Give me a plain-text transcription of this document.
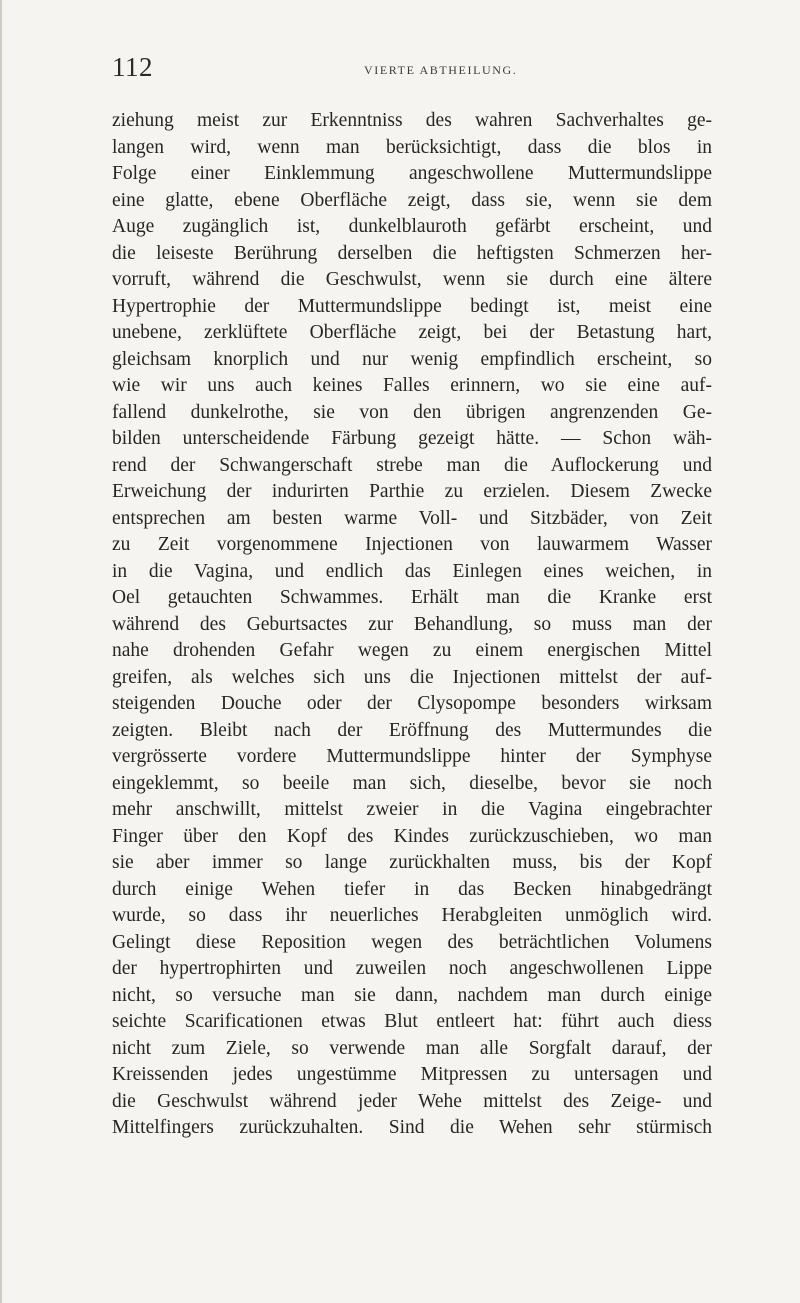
112	VIERTE ABTHEILUNG.
ziehung meist zur Erkenntniss des wahren Sachverhaltes ge-
langen wird, wenn man berücksichtigt, dass die blos in
Folge einer Einklemmung angeschwollene Muttermundslippe
eine glatte, ebene Oberfläche zeigt, dass sie, wenn sie dem
Auge zugänglich ist, dunkelblauroth gefärbt erscheint, und
die leiseste Berührung derselben die heftigsten Schmerzen her-
vorruft, während die Geschwulst, wenn sie durch eine ältere
Hypertrophie der Muttermundslippe bedingt ist, meist eine
unebene, zerklüftete Oberfläche zeigt, bei der Betastung hart,
gleichsam knorplich und nur wenig empfindlich erscheint, so
wie wir uns auch keines Falles erinnern, wo sie eine auf-
fallend dunkelrothe, sie von den übrigen angrenzenden Ge-
bilden unterscheidende Färbung gezeigt hätte. — Schon wäh-
rend der Schwangerschaft strebe man die Auflockerung und
Erweichung der indurirten Parthie zu erzielen. Diesem Zwecke
entsprechen am besten warme Voll- und Sitzbäder, von Zeit
zu Zeit vorgenommene Injectionen von lauwarmem Wasser
in die Vagina, und endlich das Einlegen eines weichen, in
Oel getauchten Schwammes. Erhält man die Kranke erst
während des Geburtsactes zur Behandlung, so muss man der
nahe drohenden Gefahr wegen zu einem energischen Mittel
greifen, als welches sich uns die Injectionen mittelst der auf-
steigenden Douche oder der Clysopompe besonders wirksam
zeigten. Bleibt nach der Eröffnung des Muttermundes die
vergrösserte vordere Muttermundslippe hinter der Symphyse
eingeklemmt, so beeile man sich, dieselbe, bevor sie noch
mehr anschwillt, mittelst zweier in die Vagina eingebrachter
Finger über den Kopf des Kindes zurückzuschieben, wo man
sie aber immer so lange zurückhalten muss, bis der Kopf
durch einige Wehen tiefer in das Becken hinabgedrängt
wurde, so dass ihr neuerliches Herabgleiten unmöglich wird.
Gelingt diese Reposition wegen des beträchtlichen Volumens
der hypertrophirten und zuweilen noch angeschwollenen Lippe
nicht, so versuche man sie dann, nachdem man durch einige
seichte Scarificationen etwas Blut entleert hat: führt auch diess
nicht zum Ziele, so verwende man alle Sorgfalt darauf, der
Kreissenden jedes ungestümme Mitpressen zu untersagen und
die Geschwulst während jeder Wehe mittelst des Zeige- und
Mittelfingers zurückzuhalten. Sind die Wehen sehr stürmisch
